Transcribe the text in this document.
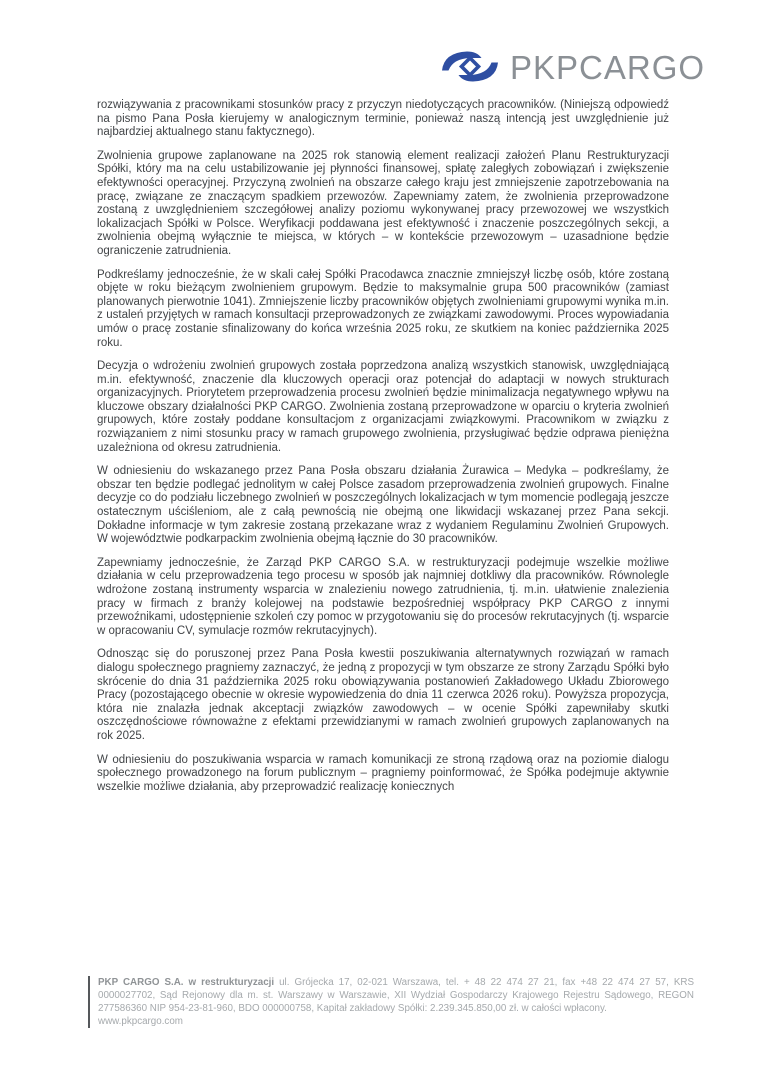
PKPCARGO

rozwiązywania z pracownikami stosunków pracy z przyczyn niedotyczących pracowników. (Niniejszą odpowiedź na pismo Pana Posła kierujemy w analogicznym terminie, ponieważ naszą intencją jest uwzględnienie już najbardziej aktualnego stanu faktycznego).

Zwolnienia grupowe zaplanowane na 2025 rok stanowią element realizacji założeń Planu Restrukturyzacji Spółki, który ma na celu ustabilizowanie jej płynności finansowej, spłatę zaległych zobowiązań i zwiększenie efektywności operacyjnej. Przyczyną zwolnień na obszarze całego kraju jest zmniejszenie zapotrzebowania na pracę, związane ze znaczącym spadkiem przewozów. Zapewniamy zatem, że zwolnienia przeprowadzone zostaną z uwzględnieniem szczegółowej analizy poziomu wykonywanej pracy przewozowej we wszystkich lokalizacjach Spółki w Polsce. Weryfikacji poddawana jest efektywność i znaczenie poszczególnych sekcji, a zwolnienia obejmą wyłącznie te miejsca, w których – w kontekście przewozowym – uzasadnione będzie ograniczenie zatrudnienia.

Podkreślamy jednocześnie, że w skali całej Spółki Pracodawca znacznie zmniejszył liczbę osób, które zostaną objęte w roku bieżącym zwolnieniem grupowym. Będzie to maksymalnie grupa 500 pracowników (zamiast planowanych pierwotnie 1041). Zmniejszenie liczby pracowników objętych zwolnieniami grupowymi wynika m.in. z ustaleń przyjętych w ramach konsultacji przeprowadzonych ze związkami zawodowymi. Proces wypowiadania umów o pracę zostanie sfinalizowany do końca września 2025 roku, ze skutkiem na koniec października 2025 roku.

Decyzja o wdrożeniu zwolnień grupowych została poprzedzona analizą wszystkich stanowisk, uwzględniającą m.in. efektywność, znaczenie dla kluczowych operacji oraz potencjał do adaptacji w nowych strukturach organizacyjnych. Priorytetem przeprowadzenia procesu zwolnień będzie minimalizacja negatywnego wpływu na kluczowe obszary działalności PKP CARGO. Zwolnienia zostaną przeprowadzone w oparciu o kryteria zwolnień grupowych, które zostały poddane konsultacjom z organizacjami związkowymi. Pracownikom w związku z rozwiązaniem z nimi stosunku pracy w ramach grupowego zwolnienia, przysługiwać będzie odprawa pieniężna uzależniona od okresu zatrudnienia.

W odniesieniu do wskazanego przez Pana Posła obszaru działania Żurawica – Medyka – podkreślamy, że obszar ten będzie podlegać jednolitym w całej Polsce zasadom przeprowadzenia zwolnień grupowych. Finalne decyzje co do podziału liczebnego zwolnień w poszczególnych lokalizacjach w tym momencie podlegają jeszcze ostatecznym uściśleniom, ale z całą pewnością nie obejmą one likwidacji wskazanej przez Pana sekcji. Dokładne informacje w tym zakresie zostaną przekazane wraz z wydaniem Regulaminu Zwolnień Grupowych. W województwie podkarpackim zwolnienia obejmą łącznie do 30 pracowników.

Zapewniamy jednocześnie, że Zarząd PKP CARGO S.A. w restrukturyzacji podejmuje wszelkie możliwe działania w celu przeprowadzenia tego procesu w sposób jak najmniej dotkliwy dla pracowników. Równolegle wdrożone zostaną instrumenty wsparcia w znalezieniu nowego zatrudnienia, tj. m.in. ułatwienie znalezienia pracy w firmach z branży kolejowej na podstawie bezpośredniej współpracy PKP CARGO z innymi przewoźnikami, udostępnienie szkoleń czy pomoc w przygotowaniu się do procesów rekrutacyjnych (tj. wsparcie w opracowaniu CV, symulacje rozmów rekrutacyjnych).

Odnosząc się do poruszonej przez Pana Posła kwestii poszukiwania alternatywnych rozwiązań w ramach dialogu społecznego pragniemy zaznaczyć, że jedną z propozycji w tym obszarze ze strony Zarządu Spółki było skrócenie do dnia 31 października 2025 roku obowiązywania postanowień Zakładowego Układu Zbiorowego Pracy (pozostającego obecnie w okresie wypowiedzenia do dnia 11 czerwca 2026 roku). Powyższa propozycja, która nie znalazła jednak akceptacji związków zawodowych – w ocenie Spółki zapewniłaby skutki oszczędnościowe równoważne z efektami przewidzianymi w ramach zwolnień grupowych zaplanowanych na rok 2025.

W odniesieniu do poszukiwania wsparcia w ramach komunikacji ze stroną rządową oraz na poziomie dialogu społecznego prowadzonego na forum publicznym – pragniemy poinformować, że Spółka podejmuje aktywnie wszelkie możliwe działania, aby przeprowadzić realizację koniecznych

PKP CARGO S.A. w restrukturyzacji ul. Grójecka 17, 02-021 Warszawa, tel. + 48 22 474 27 21, fax +48 22 474 27 57, KRS 0000027702, Sąd Rejonowy dla m. st. Warszawy w Warszawie, XII Wydział Gospodarczy Krajowego Rejestru Sądowego, REGON 277586360 NIP 954-23-81-960, BDO 000000758, Kapitał zakładowy Spółki: 2.239.345.850,00 zł. w całości wpłacony.

www.pkpcargo.com
